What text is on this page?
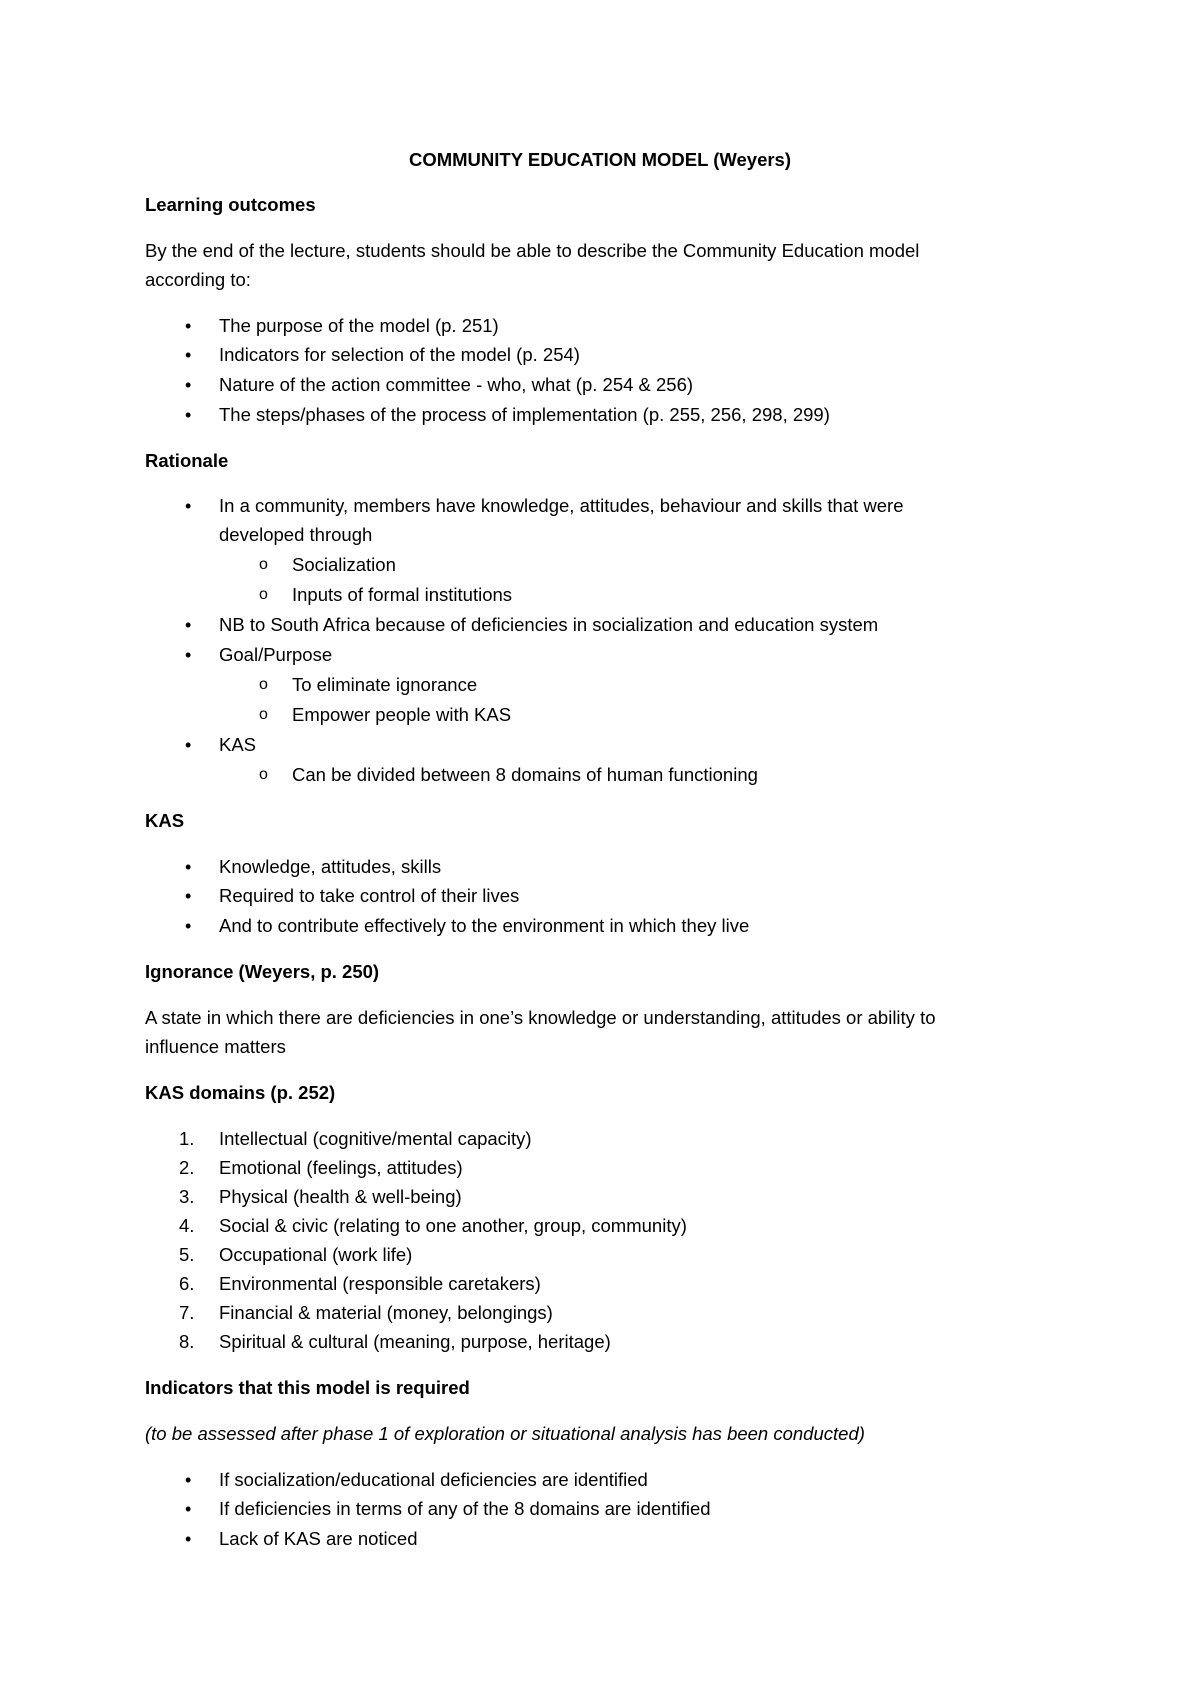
COMMUNITY EDUCATION MODEL (Weyers)
Learning outcomes
By the end of the lecture, students should be able to describe the Community Education model
according to:
• The purpose of the model (p. 251)
• Indicators for selection of the model (p. 254)
• Nature of the action committee - who, what (p. 254 & 256)
• The steps/phases of the process of implementation (p. 255, 256, 298, 299)
Rationale
• In a community, members have knowledge, attitudes, behaviour and skills that were
developed through
o Socialization
o Inputs of formal institutions
• NB to South Africa because of deficiencies in socialization and education system
• Goal/Purpose
o To eliminate ignorance
o Empower people with KAS
• KAS
o Can be divided between 8 domains of human functioning
KAS
• Knowledge, attitudes, skills
• Required to take control of their lives
• And to contribute effectively to the environment in which they live
Ignorance (Weyers, p. 250)
A state in which there are deficiencies in one’s knowledge or understanding, attitudes or ability to
influence matters
KAS domains (p. 252)
1. Intellectual (cognitive/mental capacity)
2. Emotional (feelings, attitudes)
3. Physical (health & well-being)
4. Social & civic (relating to one another, group, community)
5. Occupational (work life)
6. Environmental (responsible caretakers)
7. Financial & material (money, belongings)
8. Spiritual & cultural (meaning, purpose, heritage)
Indicators that this model is required
(to be assessed after phase 1 of exploration or situational analysis has been conducted)
• If socialization/educational deficiencies are identified
• If deficiencies in terms of any of the 8 domains are identified
• Lack of KAS are noticed
